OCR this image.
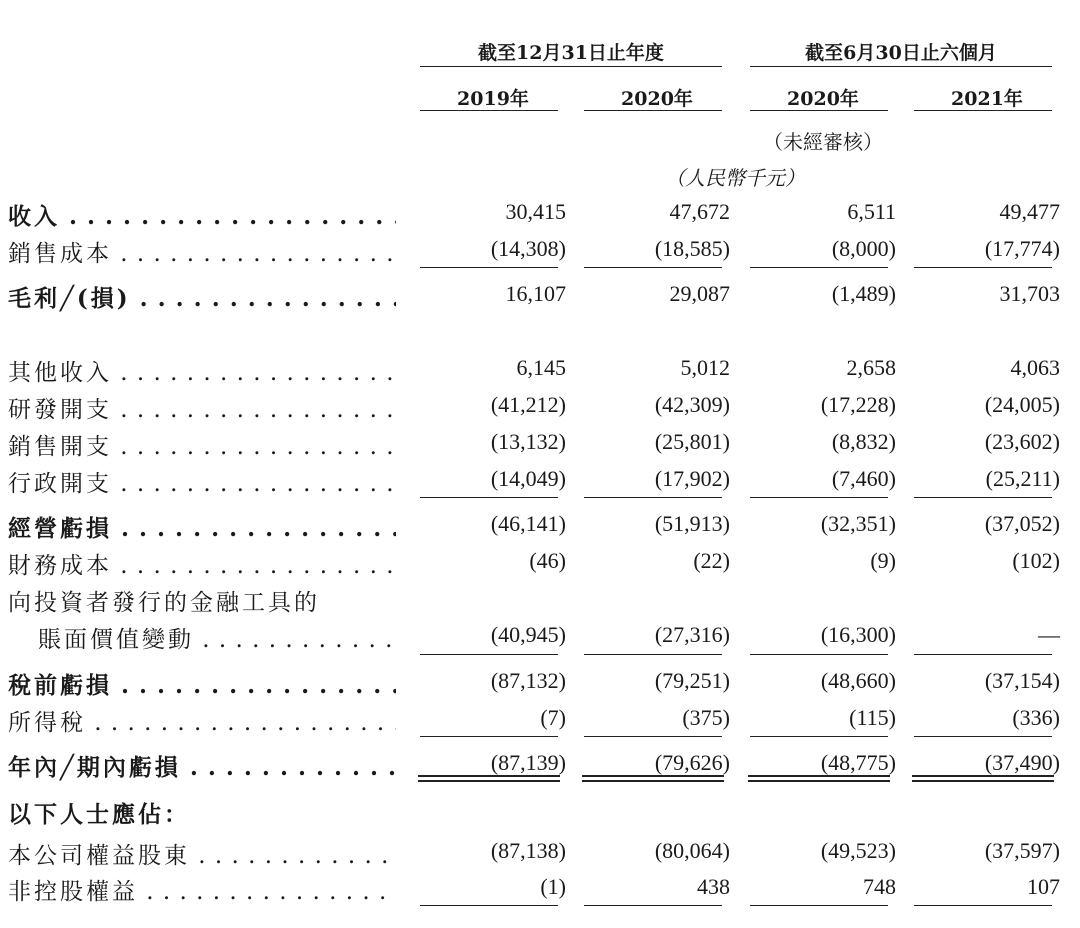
截至12月31日止年度	截至6月30日止六個月
2019年	2020年	2020年	2021年
（未經審核）
（人民幣千元）
收入 . . .	30,415	47,672	6,511	49,477
銷售成本 . . .	(14,308)	(18,585)	(8,000)	(17,774)
毛利╱(損) . . .	16,107	29,087	(1,489)	31,703
其他收入 . . .	6,145	5,012	2,658	4,063
研發開支 . . .	(41,212)	(42,309)	(17,228)	(24,005)
銷售開支 . . .	(13,132)	(25,801)	(8,832)	(23,602)
行政開支 . . .	(14,049)	(17,902)	(7,460)	(25,211)
經營虧損 . . .	(46,141)	(51,913)	(32,351)	(37,052)
財務成本 . . .	(46)	(22)	(9)	(102)
向投資者發行的金融工具的
賬面價值變動 . . .	(40,945)	(27,316)	(16,300)	—
稅前虧損 . . .	(87,132)	(79,251)	(48,660)	(37,154)
所得稅 . . .	(7)	(375)	(115)	(336)
年內╱期內虧損 . . .	(87,139)	(79,626)	(48,775)	(37,490)
以下人士應佔：
本公司權益股東 . . .	(87,138)	(80,064)	(49,523)	(37,597)
非控股權益 . . .	(1)	438	748	107
